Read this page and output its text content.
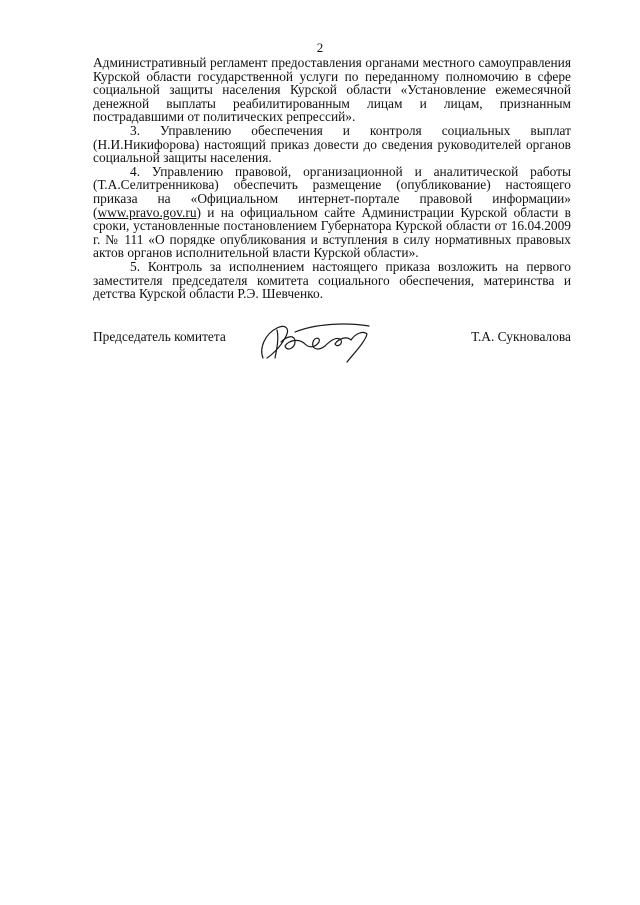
2

Административный регламент предоставления органами местного самоуправления Курской области государственной услуги по переданному полномочию в сфере социальной защиты населения Курской области «Установление ежемесячной денежной выплаты реабилитированным лицам и лицам, признанным пострадавшими от политических репрессий».

3. Управлению обеспечения и контроля социальных выплат (Н.И.Никифорова) настоящий приказ довести до сведения руководителей органов социальной защиты населения.

4. Управлению правовой, организационной и аналитической работы (Т.А.Селитренникова) обеспечить размещение (опубликование) настоящего приказа на «Официальном интернет-портале правовой информации» (www.pravo.gov.ru) и на официальном сайте Администрации Курской области в сроки, установленные постановлением Губернатора Курской области от 16.04.2009 г. № 111 «О порядке опубликования и вступления в силу нормативных правовых актов органов исполнительной власти Курской области».

5. Контроль за исполнением настоящего приказа возложить на первого заместителя председателя комитета социального обеспечения, материнства и детства Курской области Р.Э. Шевченко.

Председатель комитета	Т.А. Сукновалова
